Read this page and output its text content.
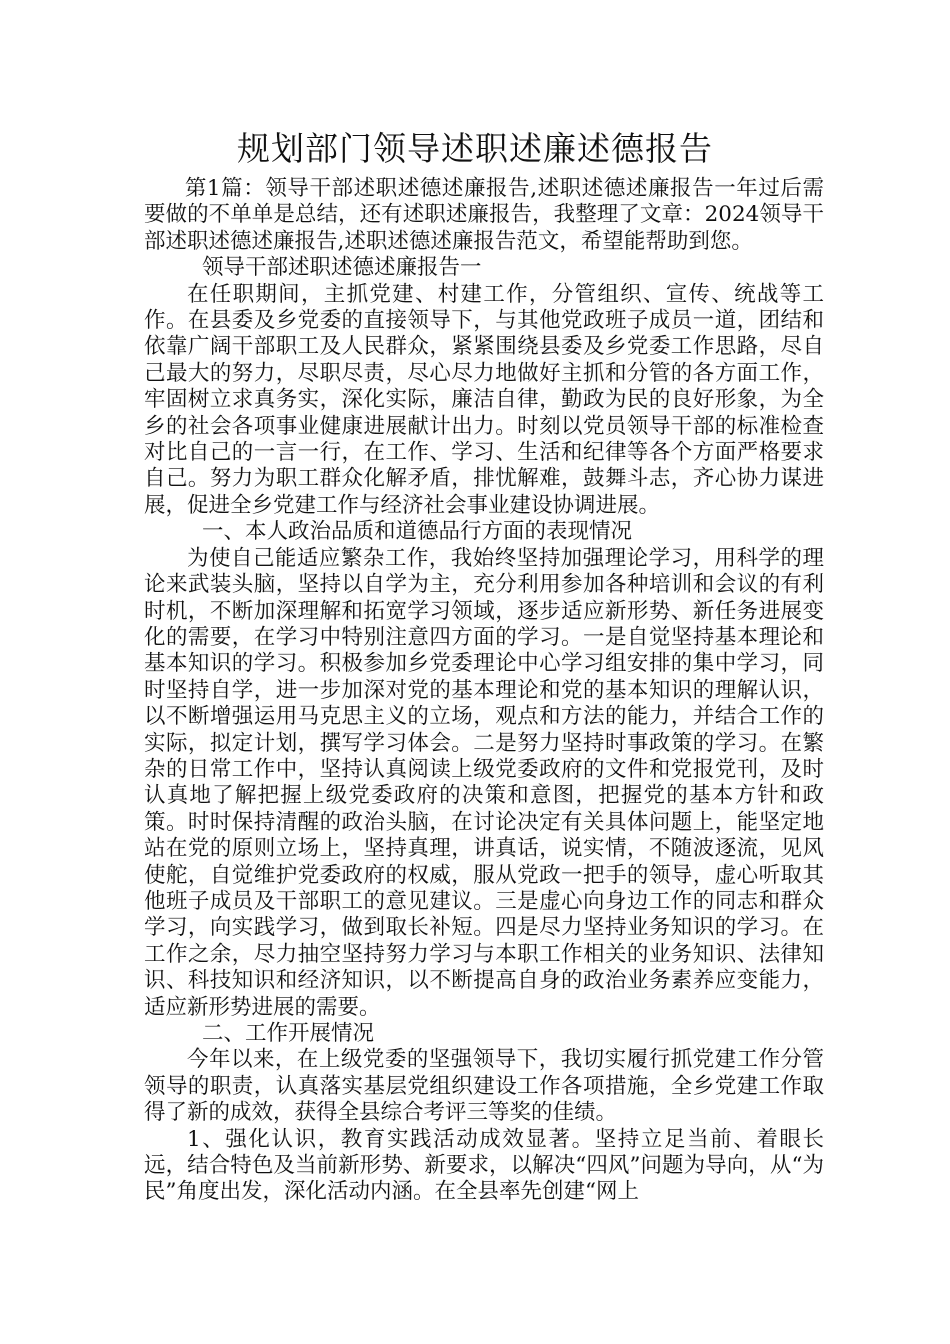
规划部门领导述职述廉述德报告

第1篇：领导干部述职述德述廉报告,述职述德述廉报告一年过后需要做的不单单是总结，还有述职述廉报告，我整理了文章：2024领导干部述职述德述廉报告,述职述德述廉报告范文，希望能帮助到您。

领导干部述职述德述廉报告一

在任职期间，主抓党建、村建工作，分管组织、宣传、统战等工作。在县委及乡党委的直接领导下，与其他党政班子成员一道，团结和依靠广阔干部职工及人民群众，紧紧围绕县委及乡党委工作思路，尽自己最大的努力，尽职尽责，尽心尽力地做好主抓和分管的各方面工作，牢固树立求真务实，深化实际，廉洁自律，勤政为民的良好形象，为全乡的社会各项事业健康进展献计出力。时刻以党员领导干部的标准检查对比自己的一言一行，在工作、学习、生活和纪律等各个方面严格要求自己。努力为职工群众化解矛盾，排忧解难，鼓舞斗志，齐心协力谋进展，促进全乡党建工作与经济社会事业建设协调进展。

一、本人政治品质和道德品行方面的表现情况

为使自己能适应繁杂工作，我始终坚持加强理论学习，用科学的理论来武装头脑，坚持以自学为主，充分利用参加各种培训和会议的有利时机，不断加深理解和拓宽学习领域，逐步适应新形势、新任务进展变化的需要，在学习中特别注意四方面的学习。一是自觉坚持基本理论和基本知识的学习。积极参加乡党委理论中心学习组安排的集中学习，同时坚持自学，进一步加深对党的基本理论和党的基本知识的理解认识，以不断增强运用马克思主义的立场，观点和方法的能力，并结合工作的实际，拟定计划，撰写学习体会。二是努力坚持时事政策的学习。在繁杂的日常工作中，坚持认真阅读上级党委政府的文件和党报党刊，及时认真地了解把握上级党委政府的决策和意图，把握党的基本方针和政策。时时保持清醒的政治头脑，在讨论决定有关具体问题上，能坚定地站在党的原则立场上，坚持真理，讲真话，说实情，不随波逐流，见风使舵，自觉维护党委政府的权威，服从党政一把手的领导，虚心听取其他班子成员及干部职工的意见建议。三是虚心向身边工作的同志和群众学习，向实践学习，做到取长补短。四是尽力坚持业务知识的学习。在工作之余，尽力抽空坚持努力学习与本职工作相关的业务知识、法律知识、科技知识和经济知识，以不断提高自身的政治业务素养应变能力，适应新形势进展的需要。

二、工作开展情况

今年以来，在上级党委的坚强领导下，我切实履行抓党建工作分管领导的职责，认真落实基层党组织建设工作各项措施，全乡党建工作取得了新的成效，获得全县综合考评三等奖的佳绩。

1、强化认识，教育实践活动成效显著。坚持立足当前、着眼长远，结合特色及当前新形势、新要求，以解决“四风”问题为导向，从“为民”角度出发，深化活动内涵。在全县率先创建“网上
